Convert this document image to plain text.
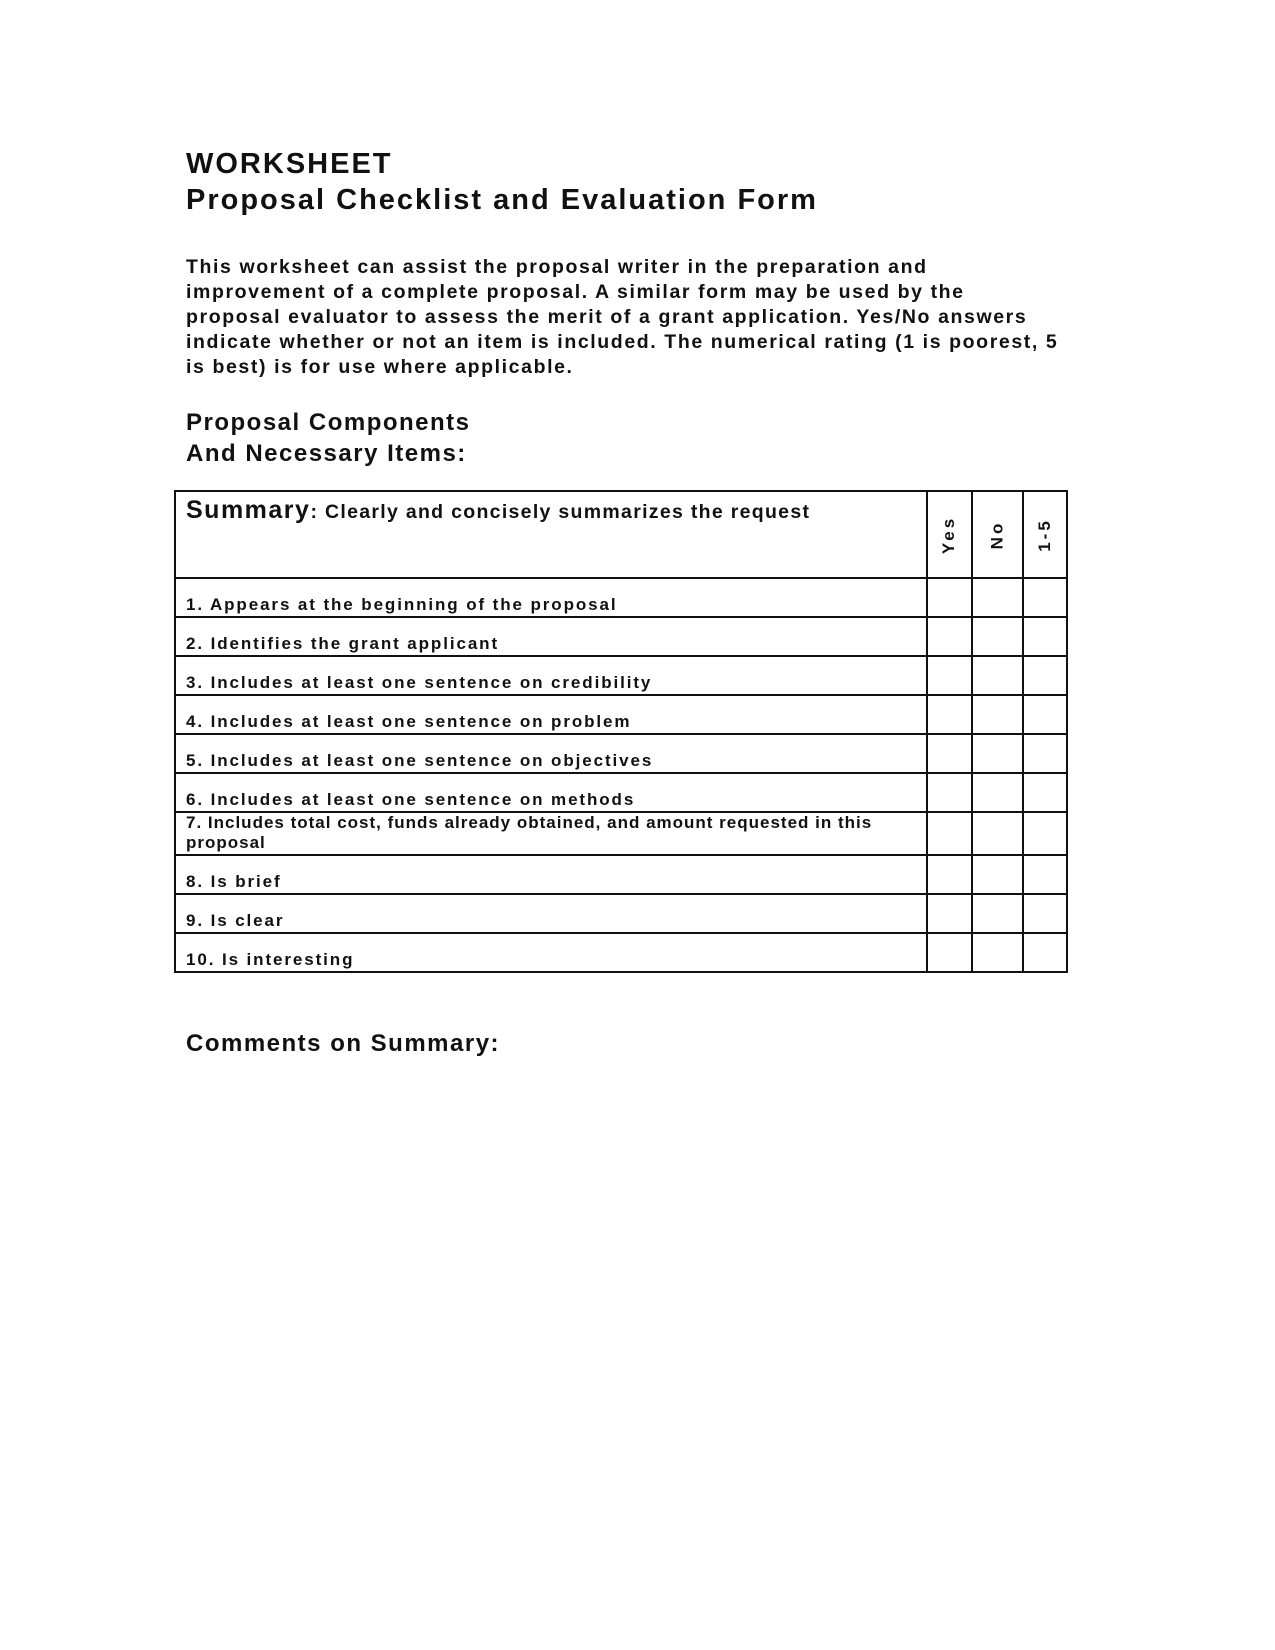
WORKSHEET
Proposal Checklist and Evaluation Form

This worksheet can assist the proposal writer in the preparation and improvement of a complete proposal. A similar form may be used by the proposal evaluator to assess the merit of a grant application. Yes/No answers indicate whether or not an item is included. The numerical rating (1 is poorest, 5 is best) is for use where applicable.

Proposal Components
And Necessary Items:
Summary: Clearly and concisely summarizes the request	Yes	No	1-5
1. Appears at the beginning of the proposal			
2. Identifies the grant applicant			
3. Includes at least one sentence on credibility			
4. Includes at least one sentence on problem			
5. Includes at least one sentence on objectives			
6. Includes at least one sentence on methods			
7. Includes total cost, funds already obtained, and amount requested in this proposal			
8. Is brief			
9. Is clear			
10. Is interesting			
Comments on Summary:
